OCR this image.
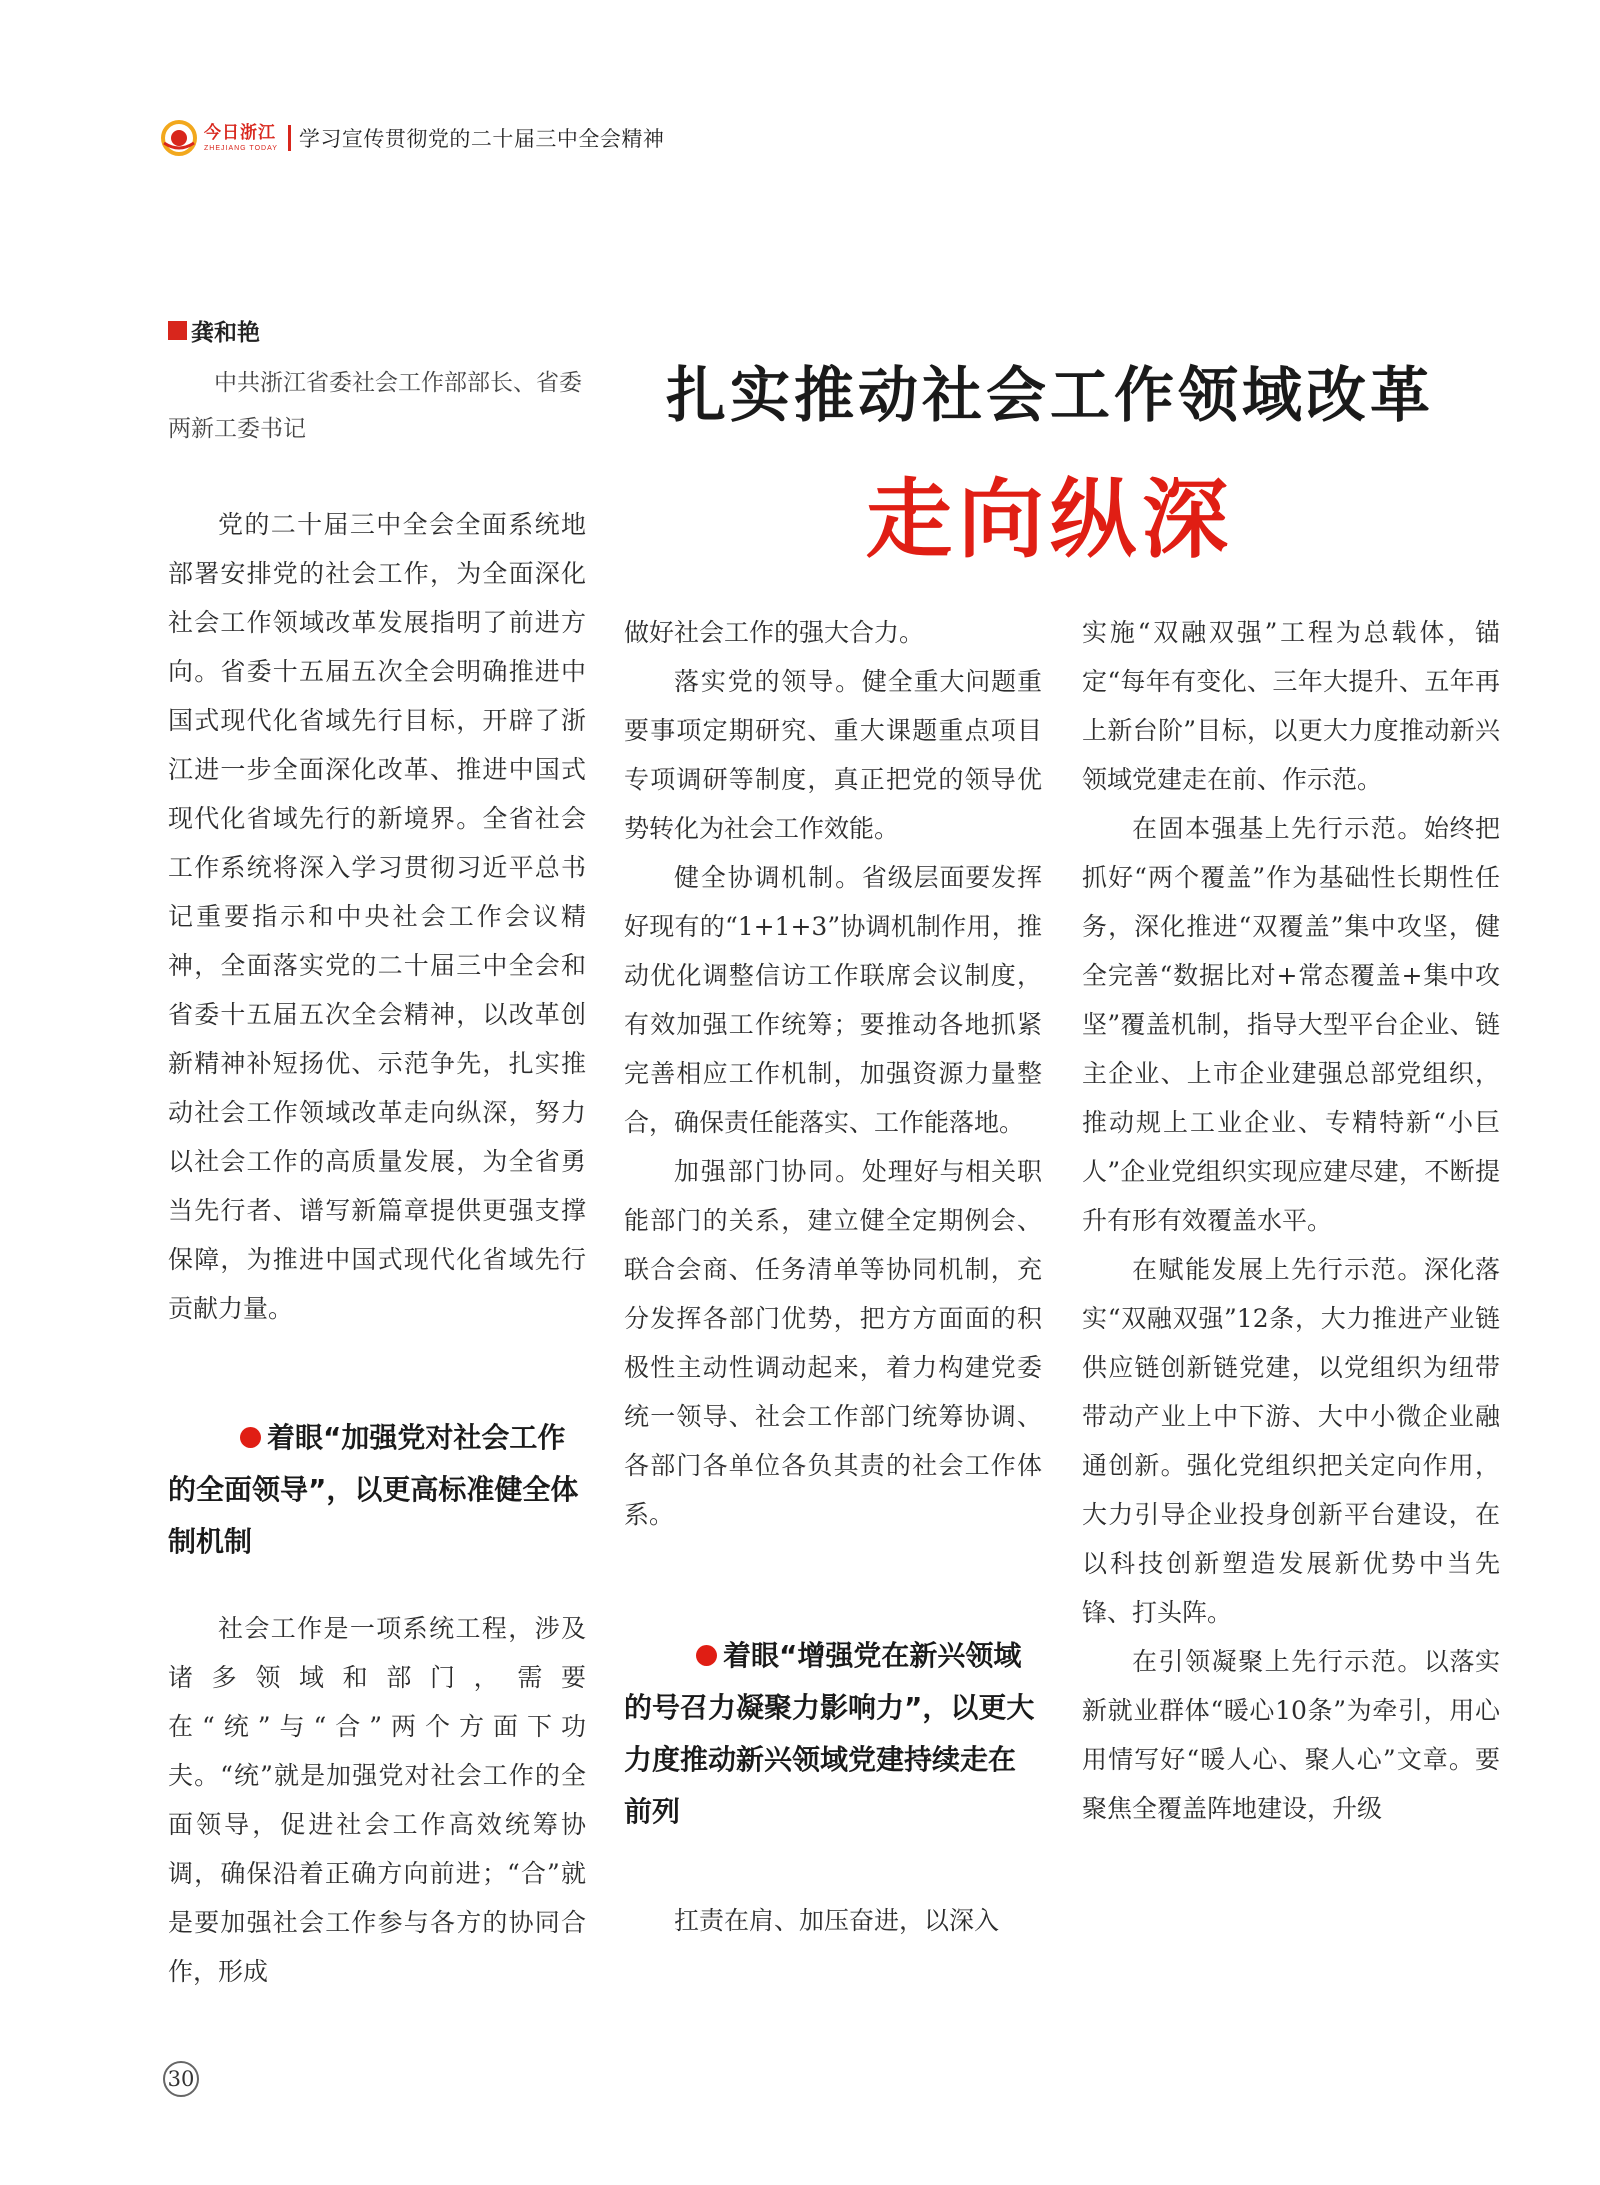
今日浙江
ZHEJIANG TODAY 学习宣传贯彻党的二十届三中全会精神
龚和艳
中共浙江省委社会工作部部长、省委两新工委书记	扎实推动社会工作领域改革
走向纵深

党的二十届三中全会全面系统地部署安排党的社会工作，为全面深化社会工作领域改革发展指明了前进方向。省委十五届五次全会明确推进中国式现代化省域先行目标，开辟了浙江进一步全面深化改革、推进中国式现代化省域先行的新境界。全省社会工作系统将深入学习贯彻习近平总书记重要指示和中央社会工作会议精神，全面落实党的二十届三中全会和省委十五届五次全会精神，以改革创新精神补短扬优、示范争先，扎实推动社会工作领域改革走向纵深，努力以社会工作的高质量发展，为全省勇当先行者、谱写新篇章提供更强支撑保障，为推进中国式现代化省域先行贡献力量。

着眼“加强党对社会工作的全面领导”，以更高标准健全体制机制

社会工作是一项系统工程，涉及诸多领域和部门，需要在“统”与“合”两个方面下功夫。“统”就是加强党对社会工作的全面领导，促进社会工作高效统筹协调，确保沿着正确方向前进；“合”就是要加强社会工作参与各方的协同合作，形成

做好社会工作的强大合力。

落实党的领导。健全重大问题重要事项定期研究、重大课题重点项目专项调研等制度，真正把党的领导优势转化为社会工作效能。

健全协调机制。省级层面要发挥好现有的“1+1+3”协调机制作用，推动优化调整信访工作联席会议制度，有效加强工作统筹；要推动各地抓紧完善相应工作机制，加强资源力量整合，确保责任能落实、工作能落地。

加强部门协同。处理好与相关职能部门的关系，建立健全定期例会、联合会商、任务清单等协同机制，充分发挥各部门优势，把方方面面的积极性主动性调动起来，着力构建党委统一领导、社会工作部门统筹协调、各部门各单位各负其责的社会工作体系。

着眼“增强党在新兴领域的号召力凝聚力影响力”，以更大力度推动新兴领域党建持续走在前列

扛责在肩、加压奋进，以深入

实施“双融双强”工程为总载体，锚定“每年有变化、三年大提升、五年再上新台阶”目标，以更大力度推动新兴领域党建走在前、作示范。

在固本强基上先行示范。始终把抓好“两个覆盖”作为基础性长期性任务，深化推进“双覆盖”集中攻坚，健全完善“数据比对+常态覆盖+集中攻坚”覆盖机制，指导大型平台企业、链主企业、上市企业建强总部党组织，推动规上工业企业、专精特新“小巨人”企业党组织实现应建尽建，不断提升有形有效覆盖水平。

在赋能发展上先行示范。深化落实“双融双强”12条，大力推进产业链供应链创新链党建，以党组织为纽带带动产业上中下游、大中小微企业融通创新。强化党组织把关定向作用，大力引导企业投身创新平台建设，在以科技创新塑造发展新优势中当先锋、打头阵。

在引领凝聚上先行示范。以落实新就业群体“暖心10条”为牵引，用心用情写好“暖人心、聚人心”文章。要聚焦全覆盖阵地建设，升级

30
